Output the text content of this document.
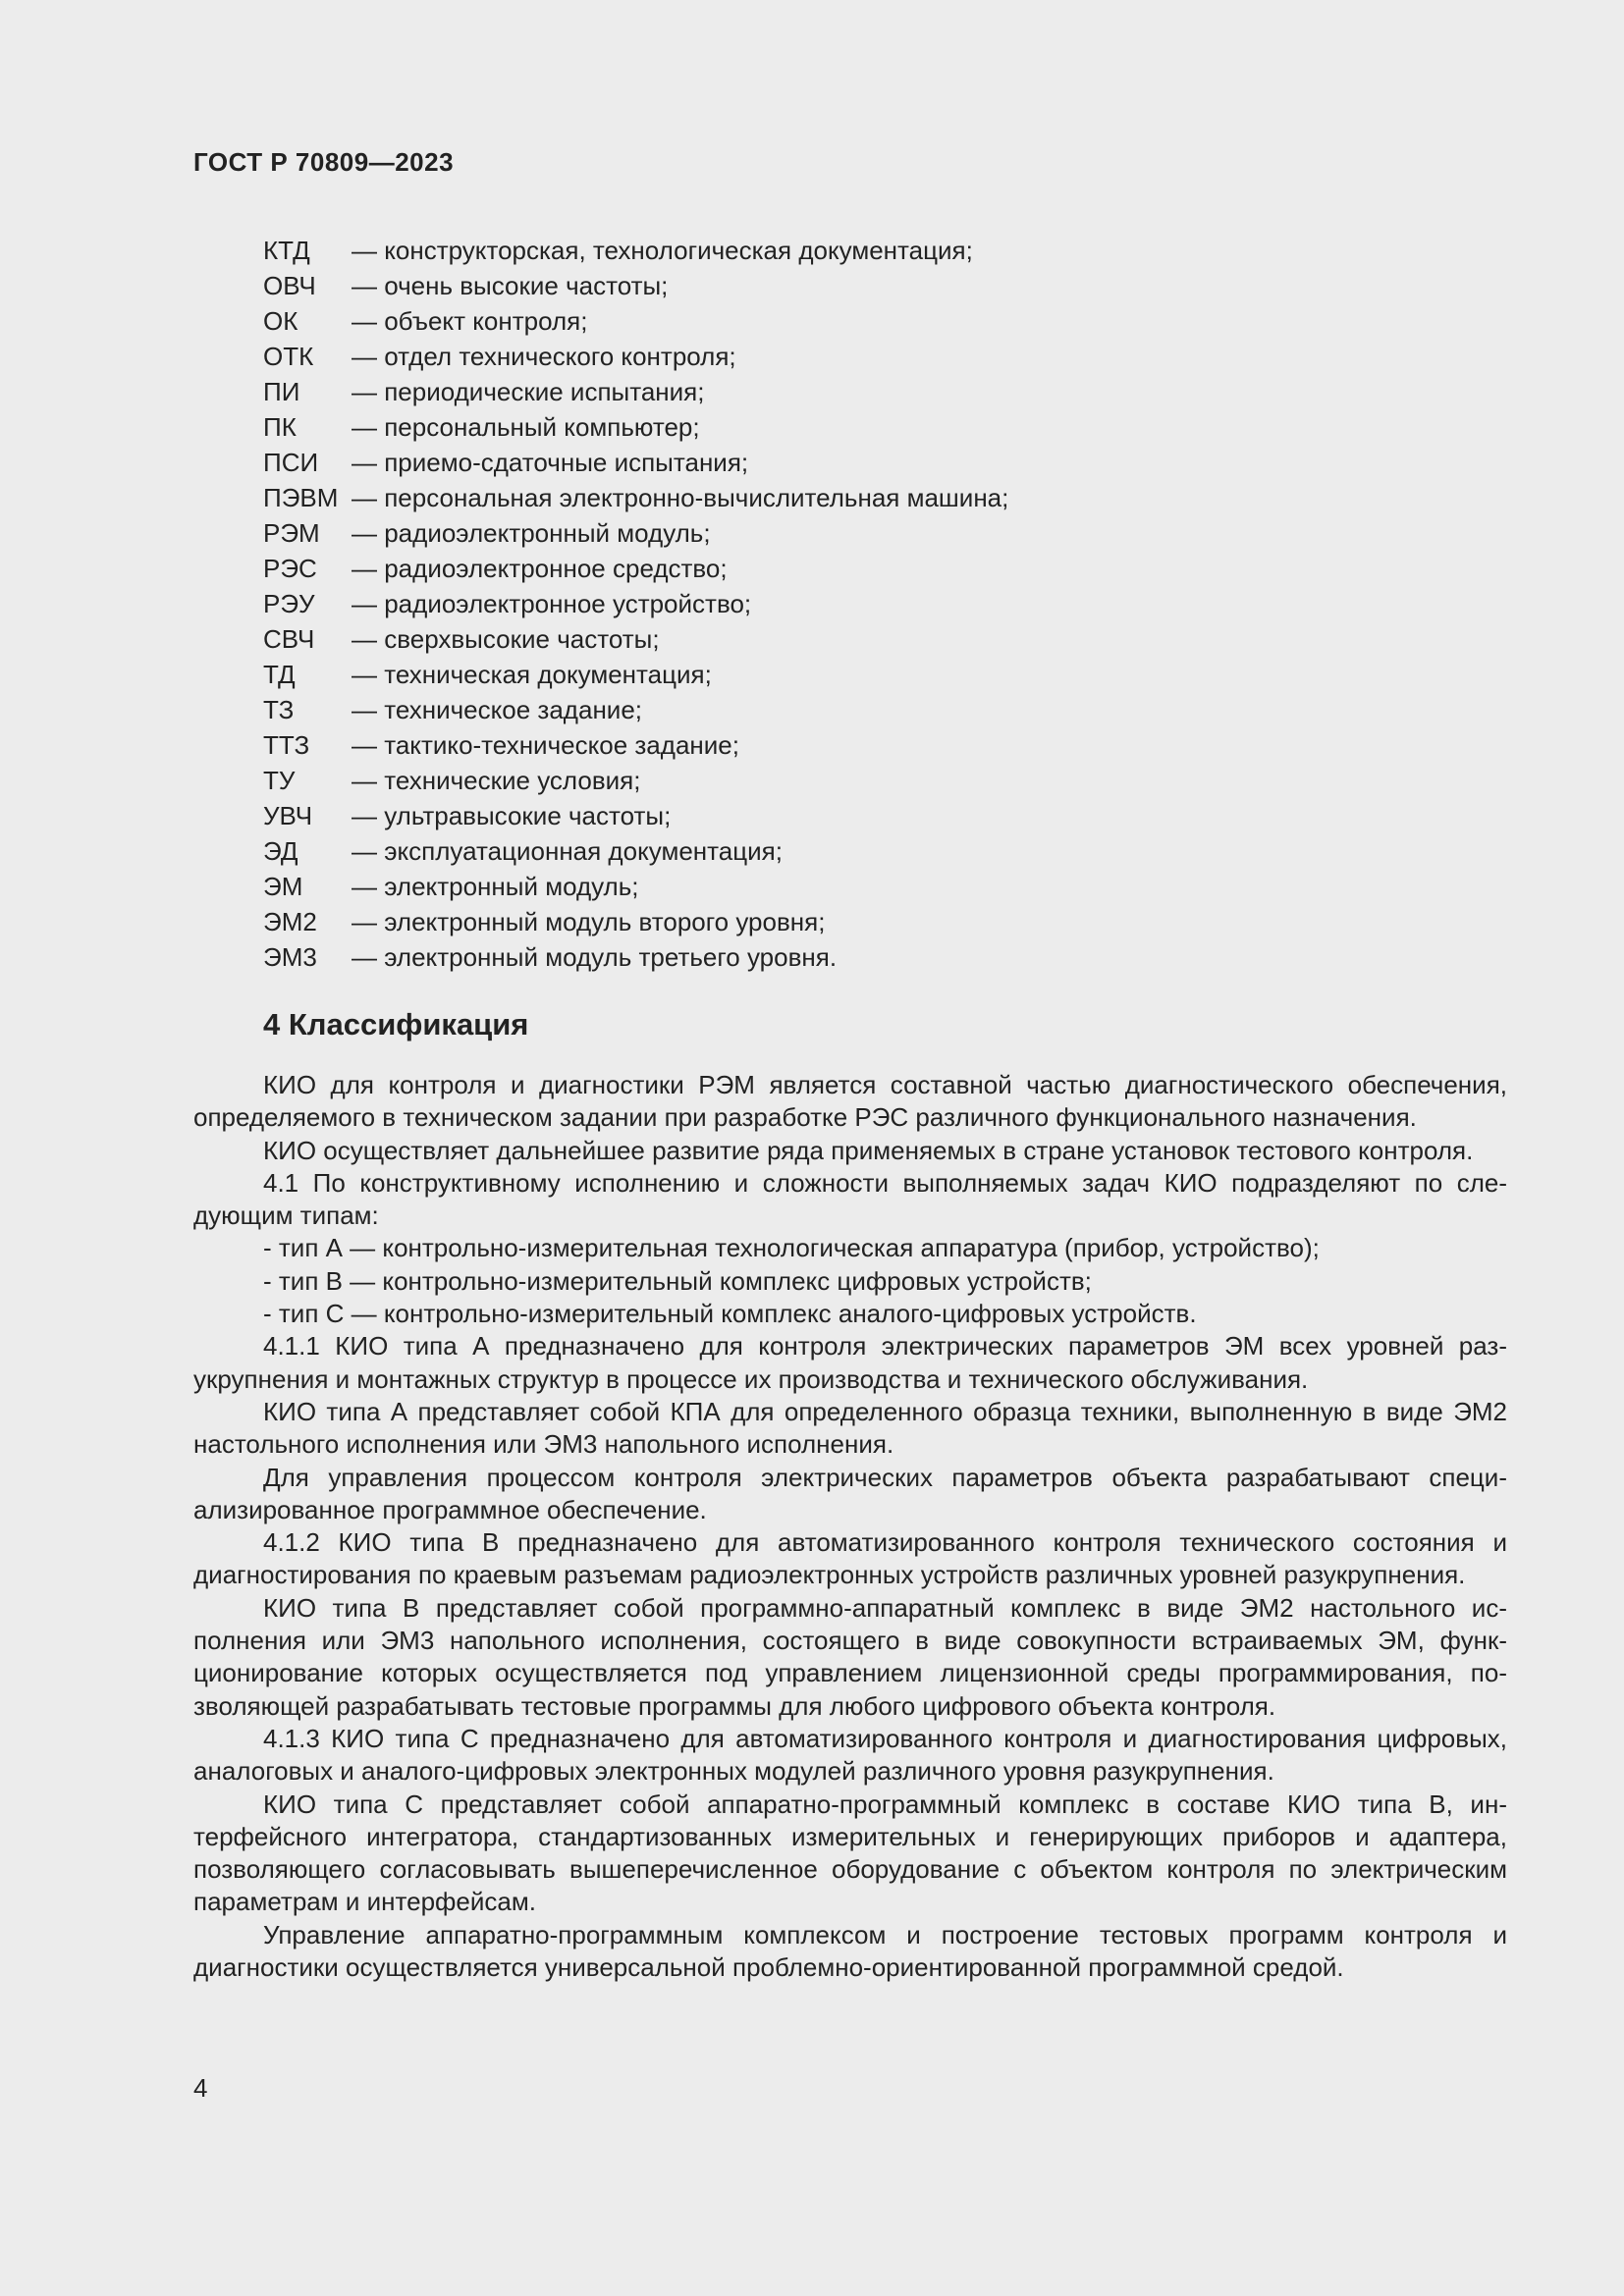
ГОСТ Р 70809—2023
КТД — конструкторская, технологическая документация;
ОВЧ — очень высокие частоты;
ОК — объект контроля;
ОТК — отдел технического контроля;
ПИ — периодические испытания;
ПК — персональный компьютер;
ПСИ — приемо-сдаточные испытания;
ПЭВМ — персональная электронно-вычислительная машина;
РЭМ — радиоэлектронный модуль;
РЭС — радиоэлектронное средство;
РЭУ — радиоэлектронное устройство;
СВЧ — сверхвысокие частоты;
ТД — техническая документация;
ТЗ — техническое задание;
ТТЗ — тактико-техническое задание;
ТУ — технические условия;
УВЧ — ультравысокие частоты;
ЭД — эксплуатационная документация;
ЭМ — электронный модуль;
ЭМ2 — электронный модуль второго уровня;
ЭМ3 — электронный модуль третьего уровня.
4 Классификация

КИО для контроля и диагностики РЭМ является составной частью диагностического обеспечения, определяемого в техническом задании при разработке РЭС различного функционального назначения.

КИО осуществляет дальнейшее развитие ряда применяемых в стране установок тестового контроля.

4.1 По конструктивному исполнению и сложности выполняемых задач КИО подразделяют по следующим типам:

- тип А — контрольно-измерительная технологическая аппаратура (прибор, устройство);

- тип В — контрольно-измерительный комплекс цифровых устройств;

- тип С — контрольно-измерительный комплекс аналого-цифровых устройств.

4.1.1 КИО типа А предназначено для контроля электрических параметров ЭМ всех уровней разукрупнения и монтажных структур в процессе их производства и технического обслуживания.

КИО типа А представляет собой КПА для определенного образца техники, выполненную в виде ЭМ2 настольного исполнения или ЭМ3 напольного исполнения.

Для управления процессом контроля электрических параметров объекта разрабатывают специализированное программное обеспечение.

4.1.2 КИО типа В предназначено для автоматизированного контроля технического состояния и диагностирования по краевым разъемам радиоэлектронных устройств различных уровней разукрупнения.

КИО типа В представляет собой программно-аппаратный комплекс в виде ЭМ2 настольного исполнения или ЭМ3 напольного исполнения, состоящего в виде совокупности встраиваемых ЭМ, функционирование которых осуществляется под управлением лицензионной среды программирования, позволяющей разрабатывать тестовые программы для любого цифрового объекта контроля.

4.1.3 КИО типа С предназначено для автоматизированного контроля и диагностирования цифровых, аналоговых и аналого-цифровых электронных модулей различного уровня разукрупнения.

КИО типа С представляет собой аппаратно-программный комплекс в составе КИО типа В, интерфейсного интегратора, стандартизованных измерительных и генерирующих приборов и адаптера, позволяющего согласовывать вышеперечисленное оборудование с объектом контроля по электрическим параметрам и интерфейсам.

Управление аппаратно-программным комплексом и построение тестовых программ контроля и диагностики осуществляется универсальной проблемно-ориентированной программной средой.

4
